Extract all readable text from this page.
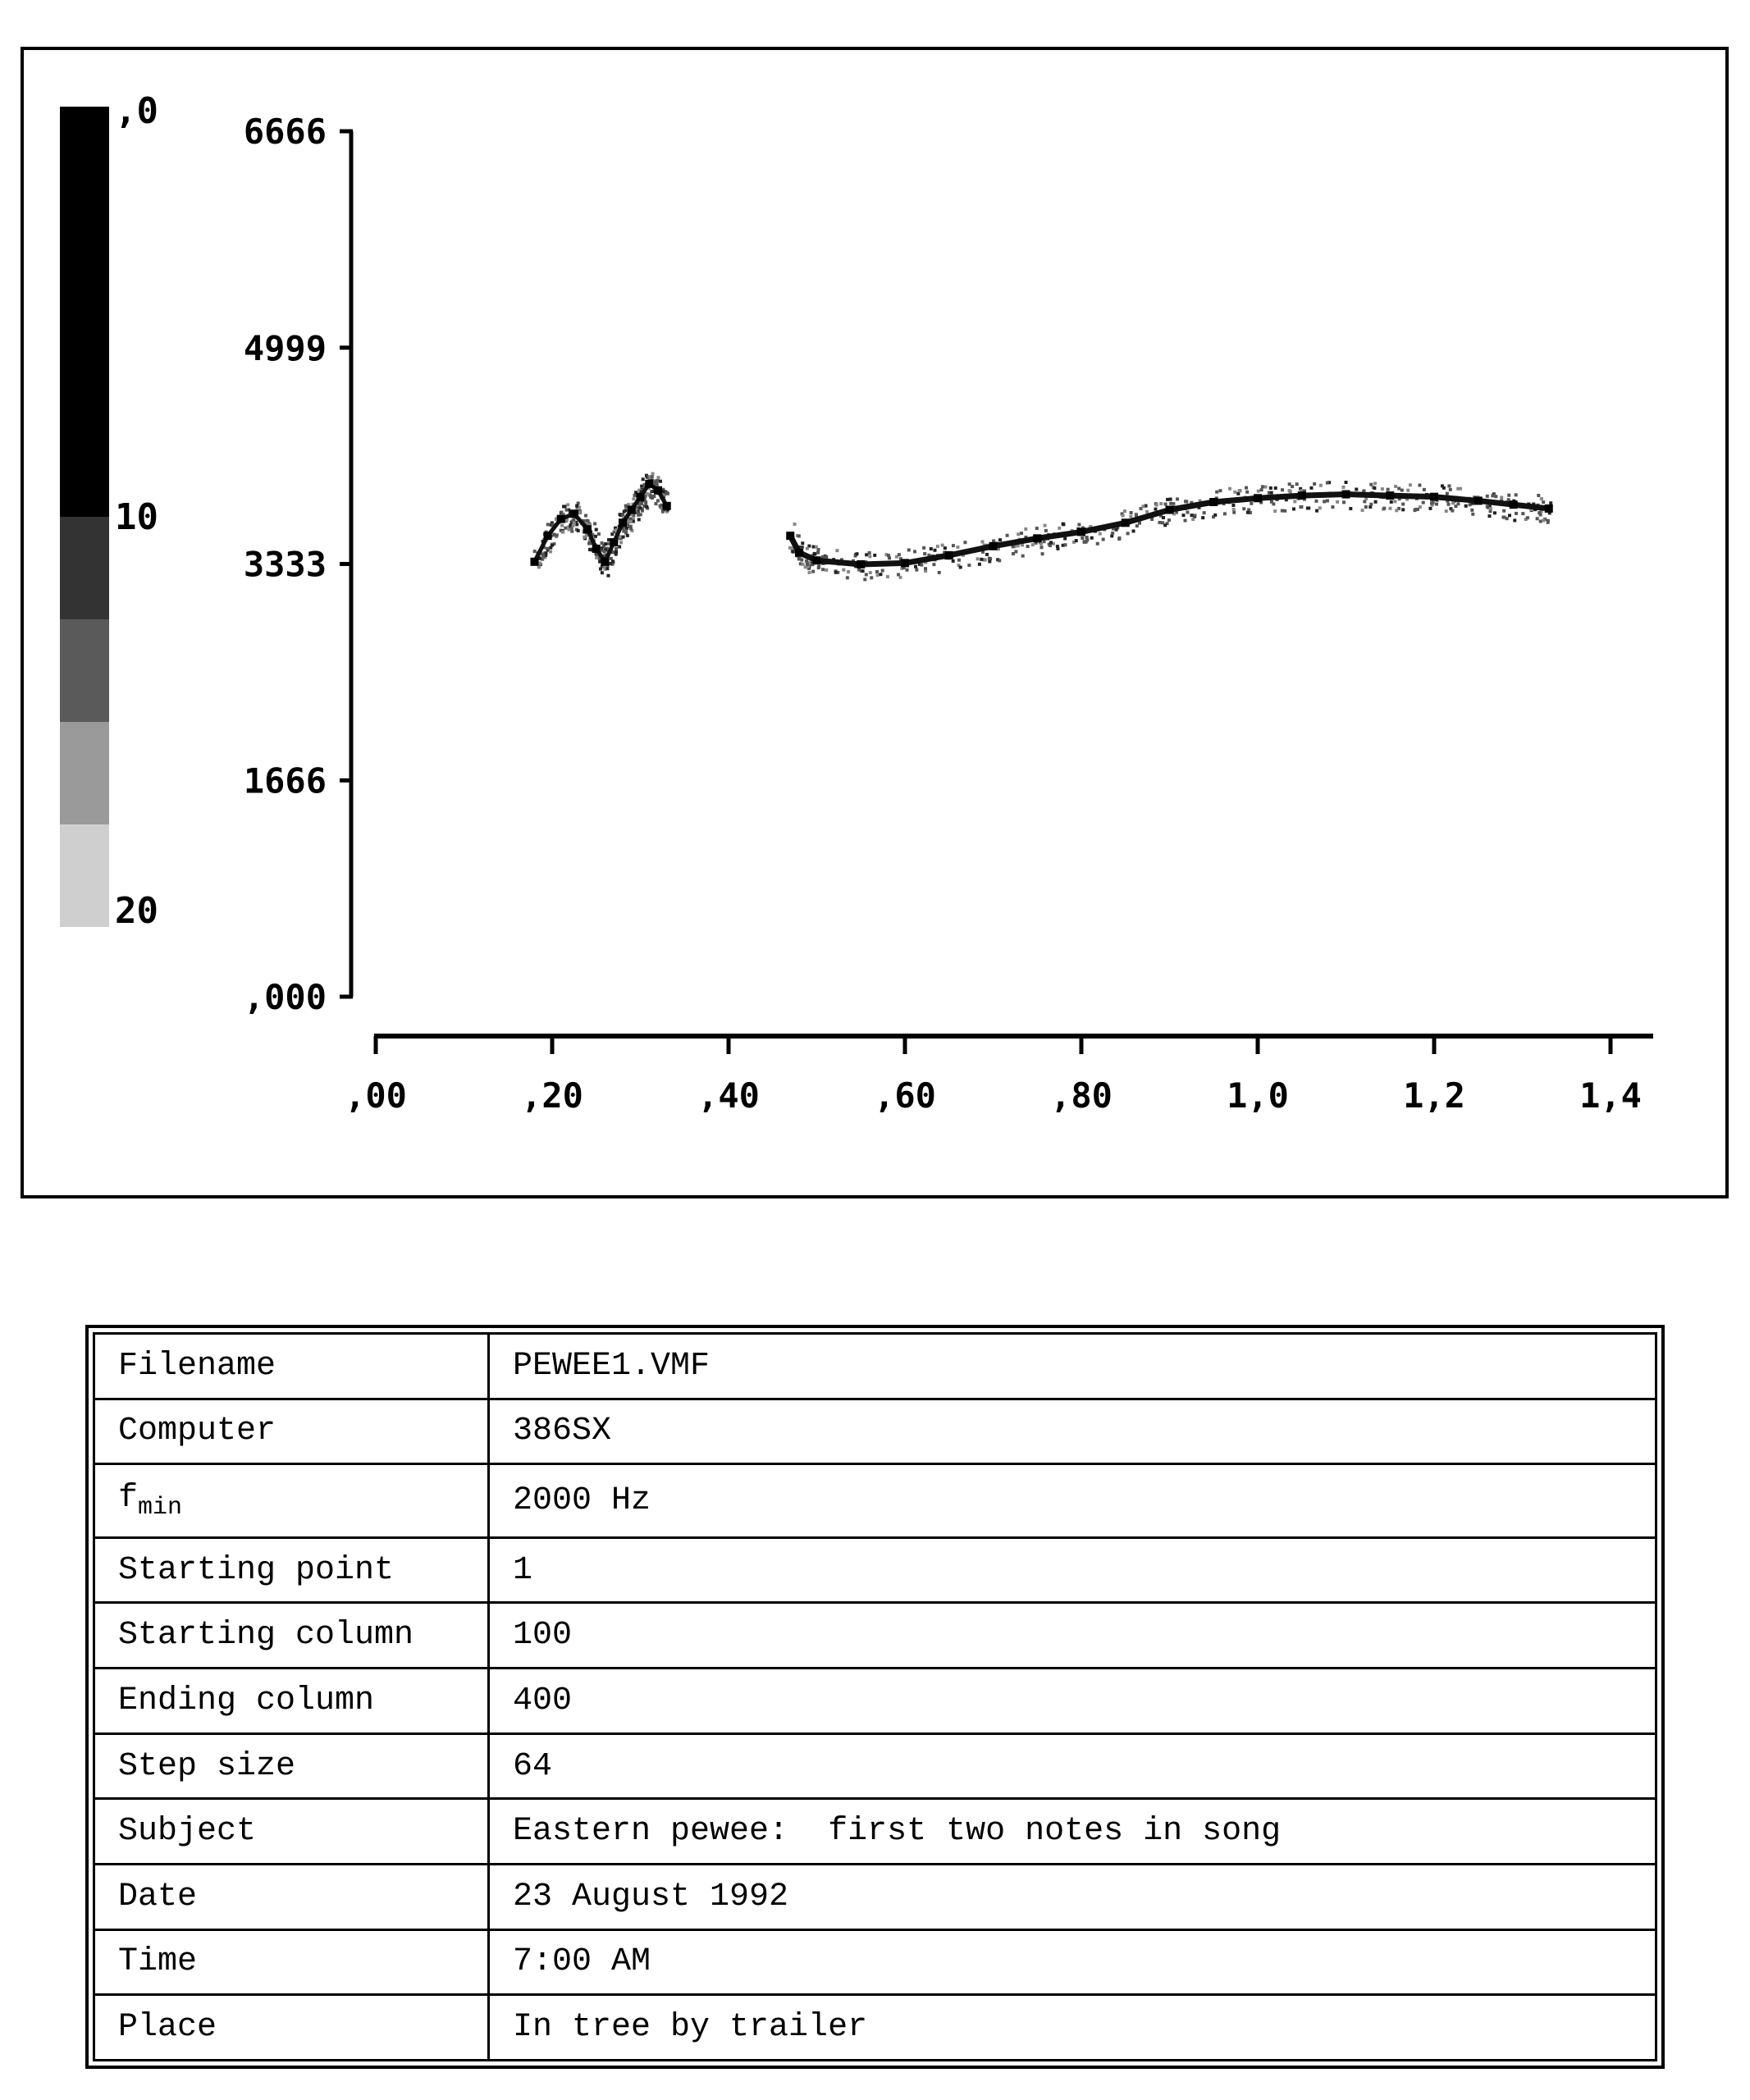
,0
10
20
,000
1666
3333
4999
6666
,00	,20	,40	,60	,80	1,0	1,2	1,4
Filename	PEWEE1.VMF
Computer	386SX
$f_{min}$	2000 Hz
Starting point	1
Starting column	100
Ending column	400
Step size	64
Subject	Eastern pewee:  first two notes in song
Date	23 August 1992
Time	7:00 AM
Place	In tree by trailer
